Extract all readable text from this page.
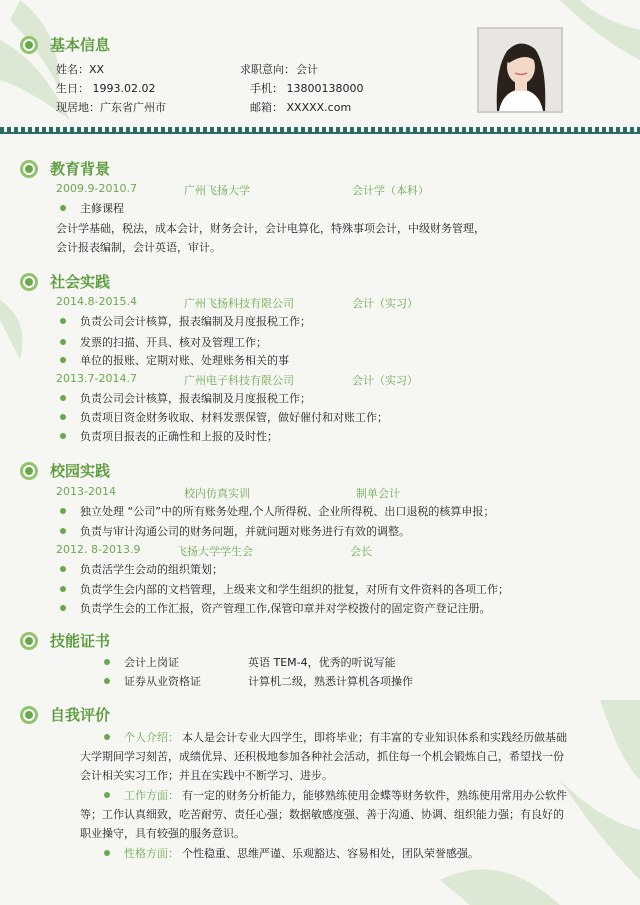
基本信息
姓名：XX	求职意向： 会计
生日： 1993.02.02	手机： 13800138000
现居地：广东省广州市	邮箱： XXXXX.com
教育背景
2009.9-2010.7	广州飞扬大学	会计学（本科）
主修课程
会计学基础，税法，成本会计，财务会计，会计电算化，特殊事项会计，中级财务管理，
会计报表编制，会计英语，审计。
社会实践
2014.8-2015.4	广州飞扬科技有限公司	会计（实习）
负责公司会计核算，报表编制及月度报税工作；
发票的扫描、开具、核对及管理工作；
单位的报账、定期对账、处理账务相关的事
2013.7-2014.7	广州电子科技有限公司	会计（实习）
负责公司会计核算，报表编制及月度报税工作；
负责项目资金财务收取、材料发票保管，做好催付和对账工作；
负责项目报表的正确性和上报的及时性；
校园实践
2013-2014	校内仿真实训	制单会计
独立处理 “公司”中的所有账务处理,个人所得税、企业所得税、出口退税的核算申报；
负责与审计沟通公司的财务问题，并就问题对账务进行有效的调整。
2012. 8-2013.9	飞扬大学学生会	会长
负责活学生会动的组织策划；
负责学生会内部的文档管理，上级来文和学生组织的批复，对所有文件资料的各项工作；
负责学生会的工作汇报，资产管理工作,保管印章并对学校拨付的固定资产登记注册。
技能证书
会计上岗证	英语 TEM-4，优秀的听说写能
证券从业资格证	计算机二级，熟悉计算机各项操作
自我评价
个人介绍： 本人是会计专业大四学生，即将毕业；有丰富的专业知识体系和实践经历做基础
大学期间学习刻苦，成绩优异、还积极地参加各种社会活动，抓住每一个机会锻炼自己，希望找一份
会计相关实习工作；并且在实践中不断学习、进步。
工作方面： 有一定的财务分析能力，能够熟练使用金蝶等财务软件，熟练使用常用办公软件
等；工作认真细致，吃苦耐劳、责任心强；数据敏感度强、善于沟通、协调、组织能力强；有良好的
职业操守，具有较强的服务意识。
性格方面： 个性稳重、思维严谨、乐观豁达、容易相处，团队荣誉感强。
